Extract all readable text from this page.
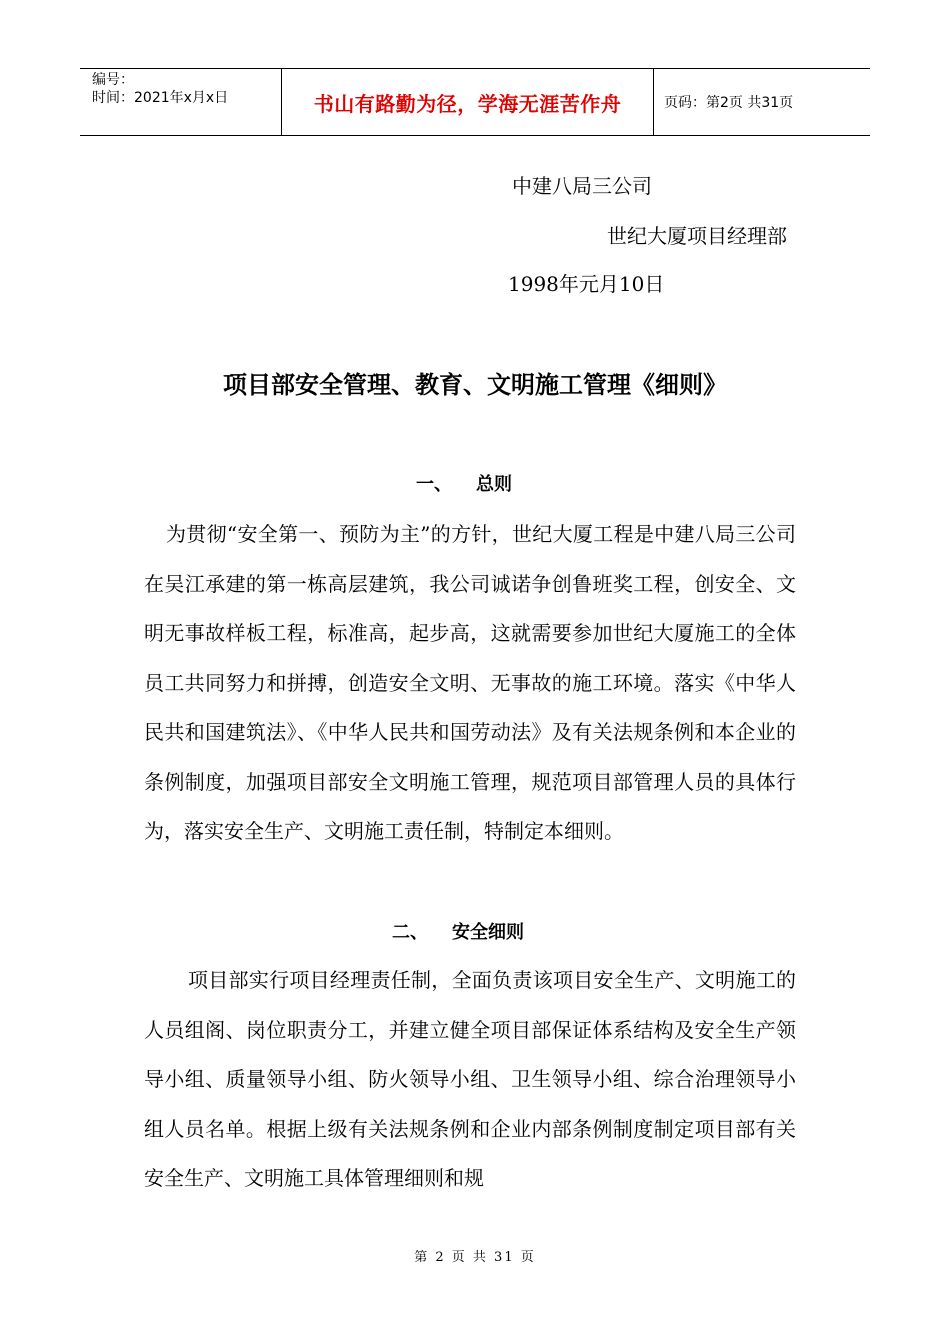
编号：
时间：2021年x月x日	书山有路勤为径，学海无涯苦作舟	页码：第2页 共31页
中建八局三公司
世纪大厦项目经理部
1998年元月10日
项目部安全管理、教育、文明施工管理《细则》
一、 总则
为贯彻“安全第一、预防为主”的方针，世纪大厦工程是中建八局三公司在吴江承建的第一栋高层建筑，我公司诚诺争创鲁班奖工程，创安全、文明无事故样板工程，标准高，起步高，这就需要参加世纪大厦施工的全体员工共同努力和拼搏，创造安全文明、无事故的施工环境。落实《中华人民共和国建筑法》、《中华人民共和国劳动法》及有关法规条例和本企业的条例制度，加强项目部安全文明施工管理，规范项目部管理人员的具体行为，落实安全生产、文明施工责任制，特制定本细则。
二、 安全细则
项目部实行项目经理责任制，全面负责该项目安全生产、文明施工的人员组阁、岗位职责分工，并建立健全项目部保证体系结构及安全生产领导小组、质量领导小组、防火领导小组、卫生领导小组、综合治理领导小组人员名单。根据上级有关法规条例和企业内部条例制度制定项目部有关安全生产、文明施工具体管理细则和规
第 2 页 共 31 页
